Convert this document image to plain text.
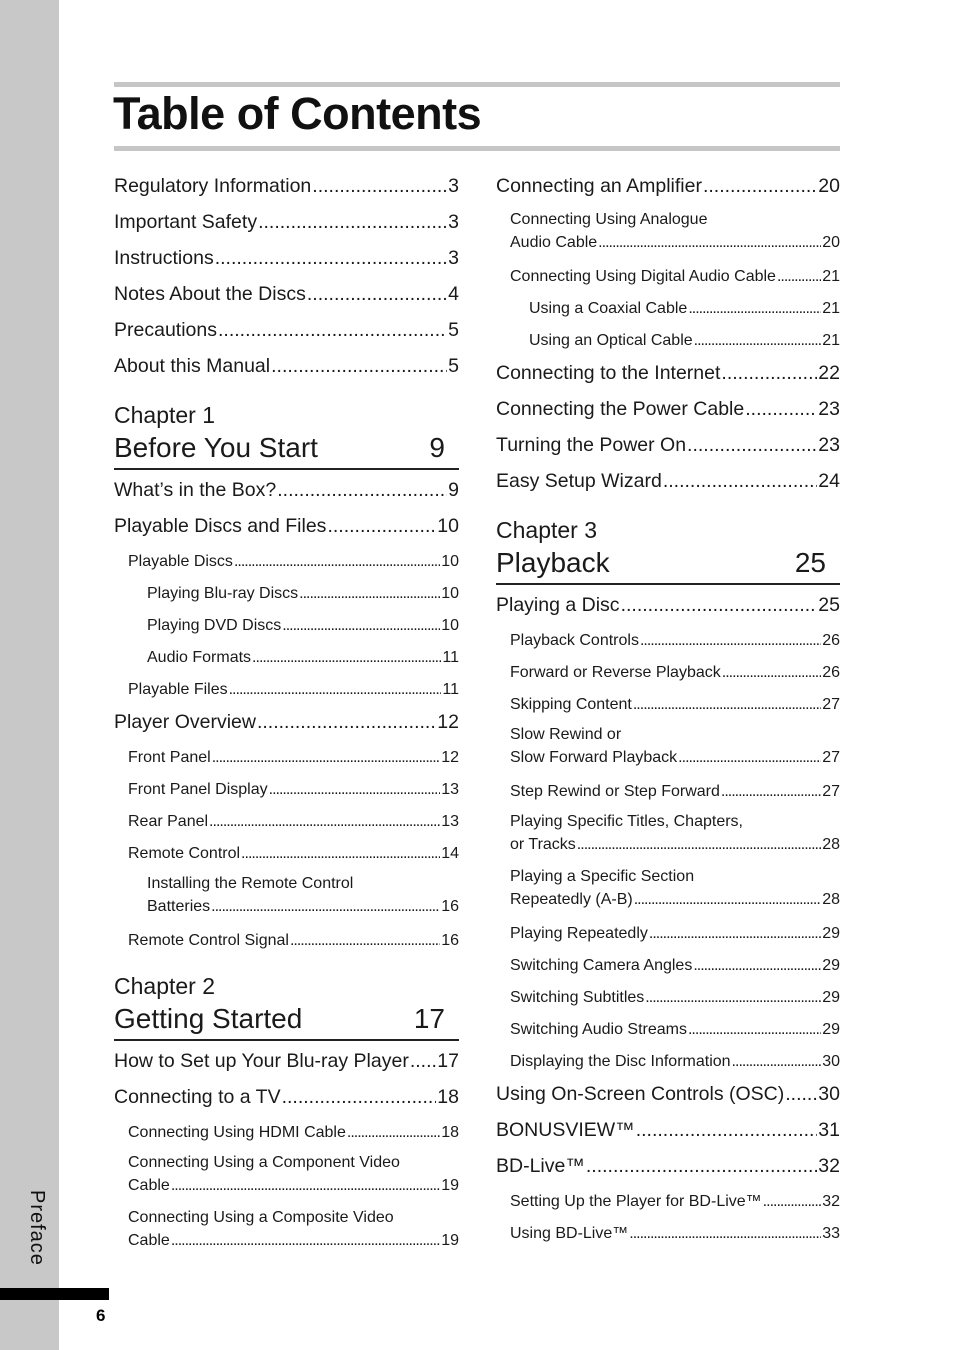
Preface
6
Table of Contents
Regulatory Information .....	3
Important Safety .....	3
Instructions .....	3
Notes About the Discs .....	4
Precautions .....	5
About this Manual .....	5
Chapter 1
Before You Start	9
What’s in the Box? .....	9
Playable Discs and Files .....	10
Playable Discs .....	10
Playing Blu-ray Discs .....	10
Playing DVD Discs .....	10
Audio Formats .....	11
Playable Files .....	11
Player Overview .....	12
Front Panel .....	12
Front Panel Display .....	13
Rear Panel .....	13
Remote Control .....	14
Installing the Remote Control
Batteries .....	16
Remote Control Signal .....	16
Chapter 2
Getting Started	17
How to Set up Your Blu-ray Player ..... 17
Connecting to a TV .....	18
Connecting Using HDMI Cable .....	18
Connecting Using a Component Video
Cable .....	19
Connecting Using a Composite Video
Cable .....	19
Connecting an Amplifier .....	20
Connecting Using Analogue
Audio Cable .....	20
Connecting Using Digital Audio Cable .....	21
Using a Coaxial Cable .....	21
Using an Optical Cable .....	21
Connecting to the Internet .....	22
Connecting the Power Cable .....	23
Turning the Power On .....	23
Easy Setup Wizard .....	24
Chapter 3
Playback	25
Playing a Disc .....	25
Playback Controls .....	26
Forward or Reverse Playback .....	26
Skipping Content .....	27
Slow Rewind or
Slow Forward Playback .....	27
Step Rewind or Step Forward .....	27
Playing Specific Titles, Chapters,
or Tracks .....	28
Playing a Specific Section
Repeatedly (A-B) .....	28
Playing Repeatedly .....	29
Switching Camera Angles .....	29
Switching Subtitles .....	29
Switching Audio Streams .....	29
Displaying the Disc Information .....	30
Using On-Screen Controls (OSC) ..... 30
BONUSVIEW™ .....	31
BD-Live™ .....	32
Setting Up the Player for BD-Live™ .....	32
Using BD-Live™ .....	33
